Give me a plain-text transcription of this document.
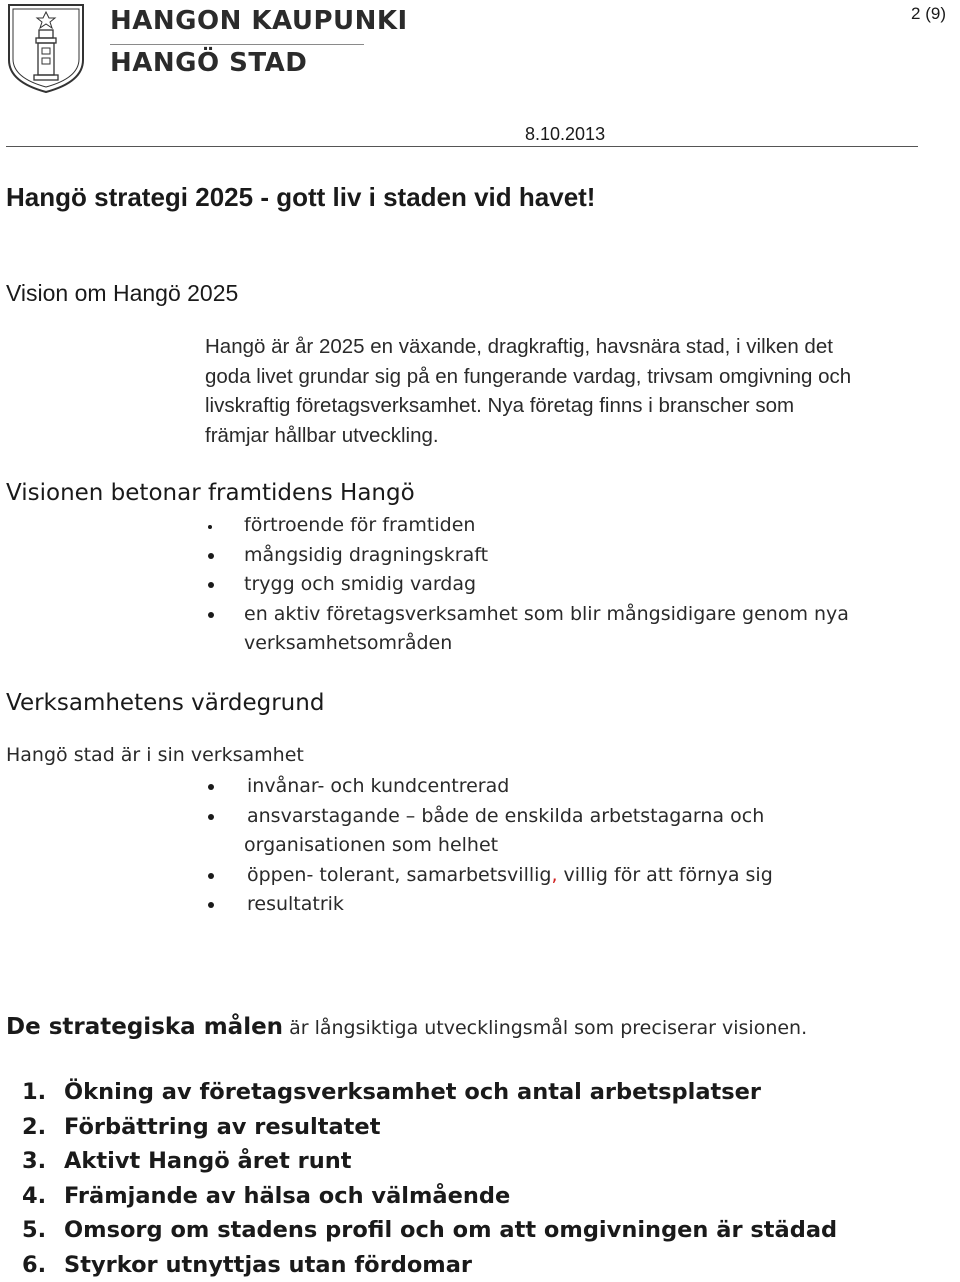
HANGON KAUPUNKI
HANGÖ STAD
2 (9)
8.10.2013
Hangö strategi 2025 - gott liv i staden vid havet!
Vision om Hangö 2025
Hangö är år 2025 en växande, dragkraftig, havsnära stad, i vilken det
goda livet grundar sig på en fungerande vardag, trivsam omgivning och
livskraftig företagsverksamhet. Nya företag finns i branscher som
främjar hållbar utveckling.
Visionen betonar framtidens Hangö
förtroende för framtiden
mångsidig dragningskraft
trygg och smidig vardag
en aktiv företagsverksamhet som blir mångsidigare genom nya
verksamhetsområden
Verksamhetens värdegrund
Hangö stad är i sin verksamhet
invånar- och kundcentrerad
ansvarstagande – både de enskilda arbetstagarna och
organisationen som helhet
öppen- tolerant, samarbetsvillig, villig för att förnya sig
resultatrik
De strategiska målen är långsiktiga utvecklingsmål som preciserar visionen.
1. Ökning av företagsverksamhet och antal arbetsplatser
2. Förbättring av resultatet
3. Aktivt Hangö året runt
4. Främjande av hälsa och välmående
5. Omsorg om stadens profil och om att omgivningen är städad
6. Styrkor utnyttjas utan fördomar
